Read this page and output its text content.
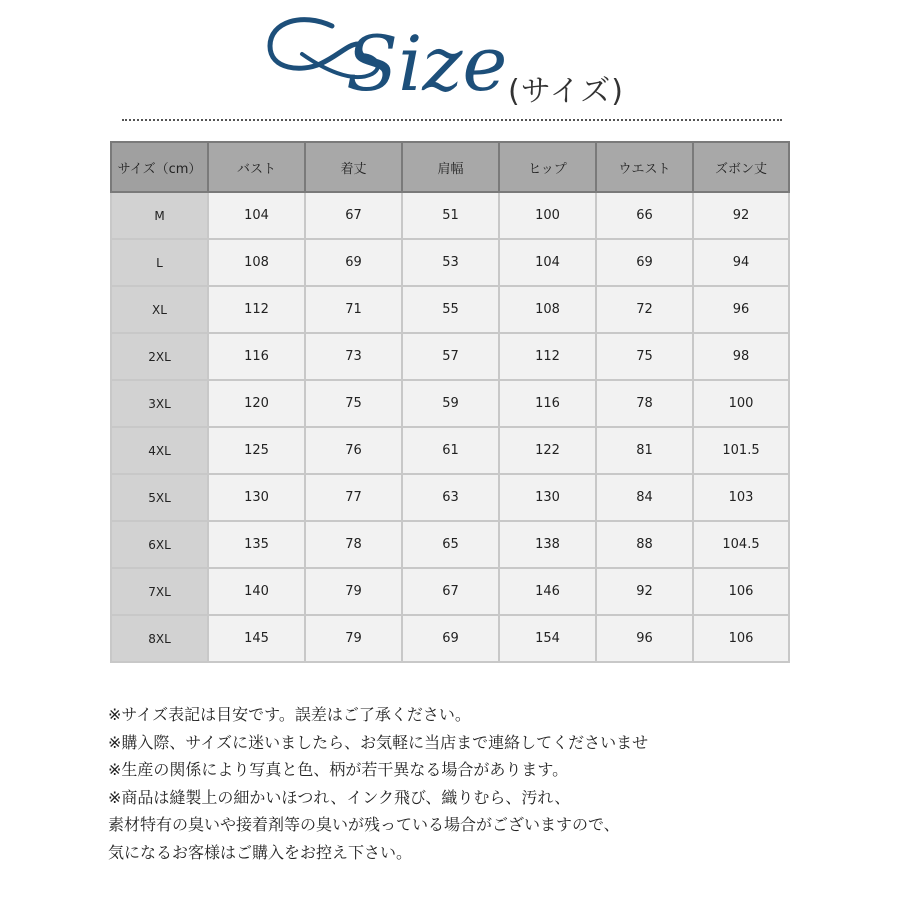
Size (サイズ)
サイズ（cm）	バスト	着丈	肩幅	ヒップ	ウエスト	ズボン丈
M	104	67	51	100	66	92
L	108	69	53	104	69	94
XL	112	71	55	108	72	96
2XL	116	73	57	112	75	98
3XL	120	75	59	116	78	100
4XL	125	76	61	122	81	101.5
5XL	130	77	63	130	84	103
6XL	135	78	65	138	88	104.5
7XL	140	79	67	146	92	106
8XL	145	79	69	154	96	106
※サイズ表記は目安です。誤差はご了承ください。
※購入際、サイズに迷いましたら、お気軽に当店まで連絡してくださいませ
※生産の関係により写真と色、柄が若干異なる場合があります。
※商品は縫製上の細かいほつれ、インク飛び、織りむら、汚れ、
素材特有の臭いや接着剤等の臭いが残っている場合がございますので、
気になるお客様はご購入をお控え下さい。
